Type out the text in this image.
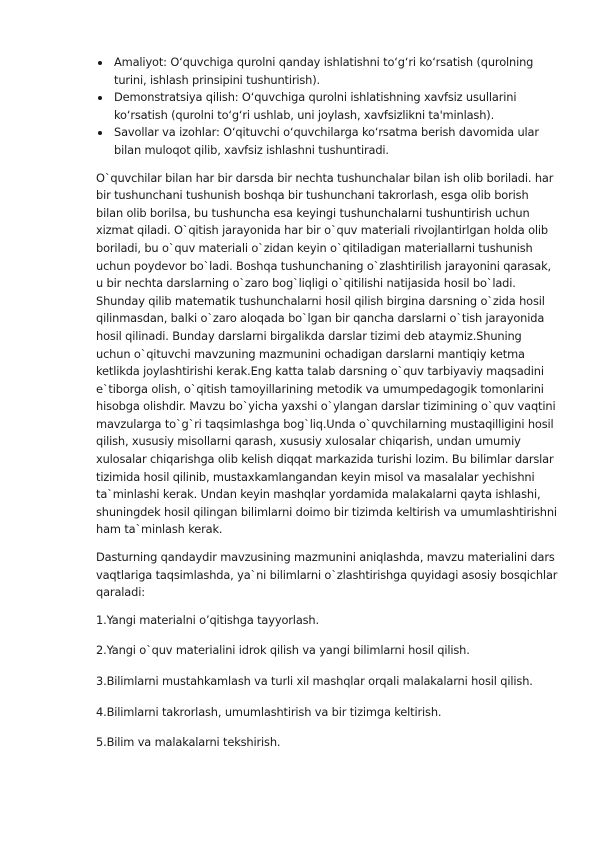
Amaliyot: O‘quvchiga qurolni qanday ishlatishni to‘g‘ri ko‘rsatish (qurolning turini, ishlash prinsipini tushuntirish).
Demonstratsiya qilish: O‘quvchiga qurolni ishlatishning xavfsiz usullarini ko‘rsatish (qurolni to‘g‘ri ushlab, uni joylash, xavfsizlikni ta'minlash).
Savollar va izohlar: O‘qituvchi o‘quvchilarga ko‘rsatma berish davomida ular bilan muloqot qilib, xavfsiz ishlashni tushuntiradi.

O`quvchilar bilan har bir darsda bir nechta tushunchalar bilan ish olib boriladi. har bir tushunchani tushunish boshqa bir tushunchani takrorlash, esga olib borish bilan olib borilsa, bu tushuncha esa keyingi tushunchalarni tushuntirish uchun xizmat qiladi. O`qitish jarayonida har bir o`quv materiali rivojlantirlgan holda olib boriladi, bu o`quv materiali o`zidan keyin o`qitiladigan materiallarni tushunish uchun poydevor bo`ladi. Boshqa tushunchaning o`zlashtirilish jarayonini qarasak, u bir nechta darslarning o`zaro bog`liqligi o`qitilishi natijasida hosil bo`ladi. Shunday qilib matematik tushunchalarni hosil qilish birgina darsning o`zida hosil qilinmasdan, balki o`zaro aloqada bo`lgan bir qancha darslarni o`tish jarayonida hosil qilinadi. Bunday darslarni birgalikda darslar tizimi deb ataymiz.Shuning uchun o`qituvchi mavzuning mazmunini ochadigan darslarni mantiqiy ketma ketlikda joylashtirishi kerak.Eng katta talab darsning o`quv tarbiyaviy maqsadini e`tiborga olish, o`qitish tamoyillarining metodik va umumpedagogik tomonlarini hisobga olishdir. Mavzu bo`yicha yaxshi o`ylangan darslar tizimining o`quv vaqtini mavzularga to`g`ri taqsimlashga bog`liq.Unda o`quvchilarning mustaqilligini hosil qilish, xususiy misollarni qarash, xususiy xulosalar chiqarish, undan umumiy xulosalar chiqarishga olib kelish diqqat markazida turishi lozim. Bu bilimlar darslar tizimida hosil qilinib, mustaxkamlangandan keyin misol va masalalar yechishni ta`minlashi kerak. Undan keyin mashqlar yordamida malakalarni qayta ishlashi, shuningdek hosil qilingan bilimlarni doimo bir tizimda keltirish va umumlashtirishni ham ta`minlash kerak.

Dasturning qandaydir mavzusining mazmunini aniqlashda, mavzu materialini dars vaqtlariga taqsimlashda, ya`ni bilimlarni o`zlashtirishga quyidagi asosiy bosqichlar qaraladi:

1.Yangi materialni o’qitishga tayyorlash.

2.Yangi o`quv materialini idrok qilish va yangi bilimlarni hosil qilish.

3.Bilimlarni mustahkamlash va turli xil mashqlar orqali malakalarni hosil qilish.

4.Bilimlarni takrorlash, umumlashtirish va bir tizimga keltirish.

5.Bilim va malakalarni tekshirish.
